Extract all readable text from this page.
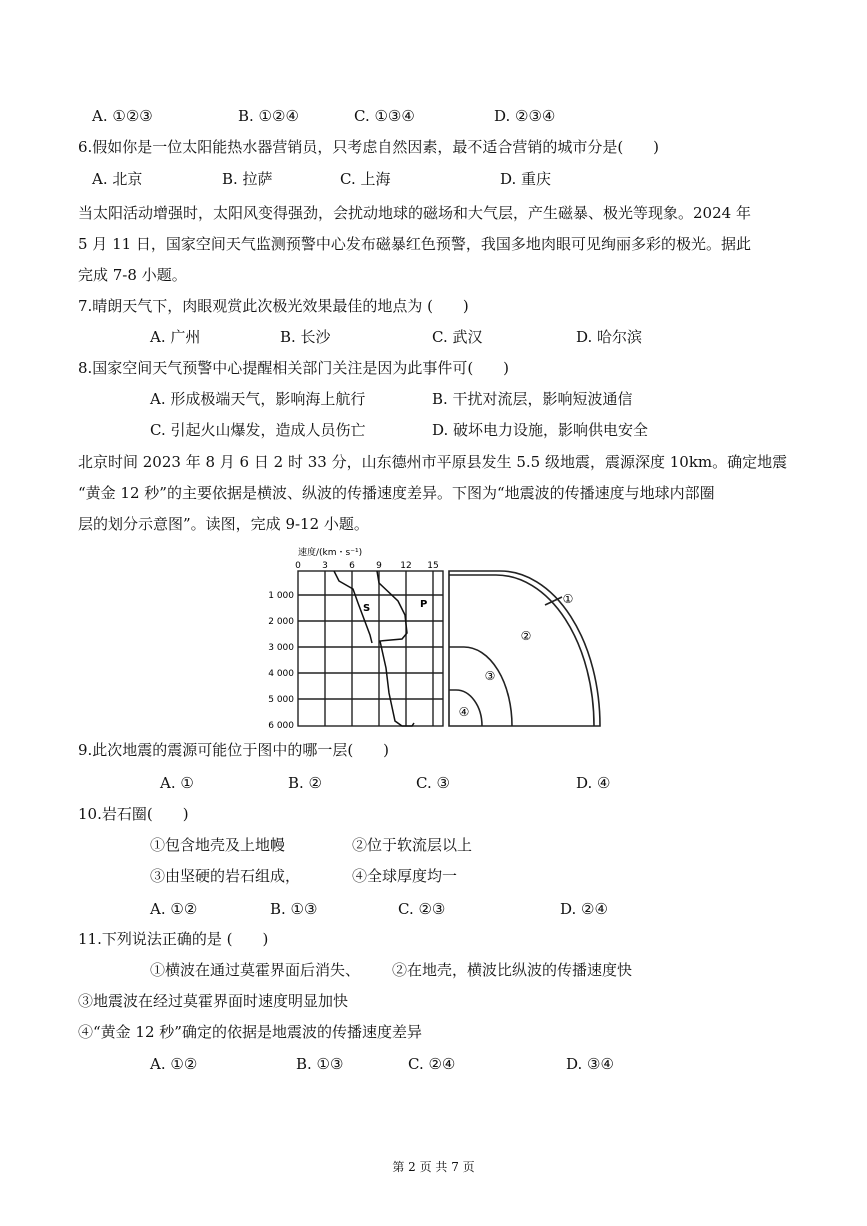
A. ①②③	B. ①②④	C. ①③④	D. ②③④
6.假如你是一位太阳能热水器营销员，只考虑自然因素，最不适合营销的城市分是(　　)
A. 北京	B. 拉萨	C. 上海	D. 重庆
当太阳活动增强时，太阳风变得强劲，会扰动地球的磁场和大气层，产生磁暴、极光等现象。2024 年
5 月 11 日，国家空间天气监测预警中心发布磁暴红色预警，我国多地肉眼可见绚丽多彩的极光。据此
完成 7-8 小题。
7.晴朗天气下，肉眼观赏此次极光效果最佳的地点为 (　　)
A. 广州	B. 长沙	C. 武汉	D. 哈尔滨
8.国家空间天气预警中心提醒相关部门关注是因为此事件可(　　)
A. 形成极端天气，影响海上航行	B. 干扰对流层，影响短波通信
C. 引起火山爆发，造成人员伤亡	D. 破坏电力设施，影响供电安全
北京时间 2023 年 8 月 6 日 2 时 33 分，山东德州市平原县发生 5.5 级地震，震源深度 10km。确定地震
“黄金 12 秒”的主要依据是横波、纵波的传播速度差异。下图为“地震波的传播速度与地球内部圈
层的划分示意图”。读图，完成 9-12 小题。
速度/(km・s⁻¹)
0 3 6 9 12 15
1 000
2 000
3 000
4 000
5 000
6 000
S	P	①
②
③
④
9.此次地震的震源可能位于图中的哪一层(　　)
A. ①	B. ②	C. ③	D. ④
10.岩石圈(　　)
①包含地壳及上地幔	②位于软流层以上
③由坚硬的岩石组成，	④全球厚度均一
A. ①②	B. ①③	C. ②③	D. ②④
11.下列说法正确的是 (　　)
①横波在通过莫霍界面后消失、 ②在地壳，横波比纵波的传播速度快
③地震波在经过莫霍界面时速度明显加快
④“黄金 12 秒”确定的依据是地震波的传播速度差异
A. ①②	B. ①③	C. ②④	D. ③④
第 2 页 共 7 页
